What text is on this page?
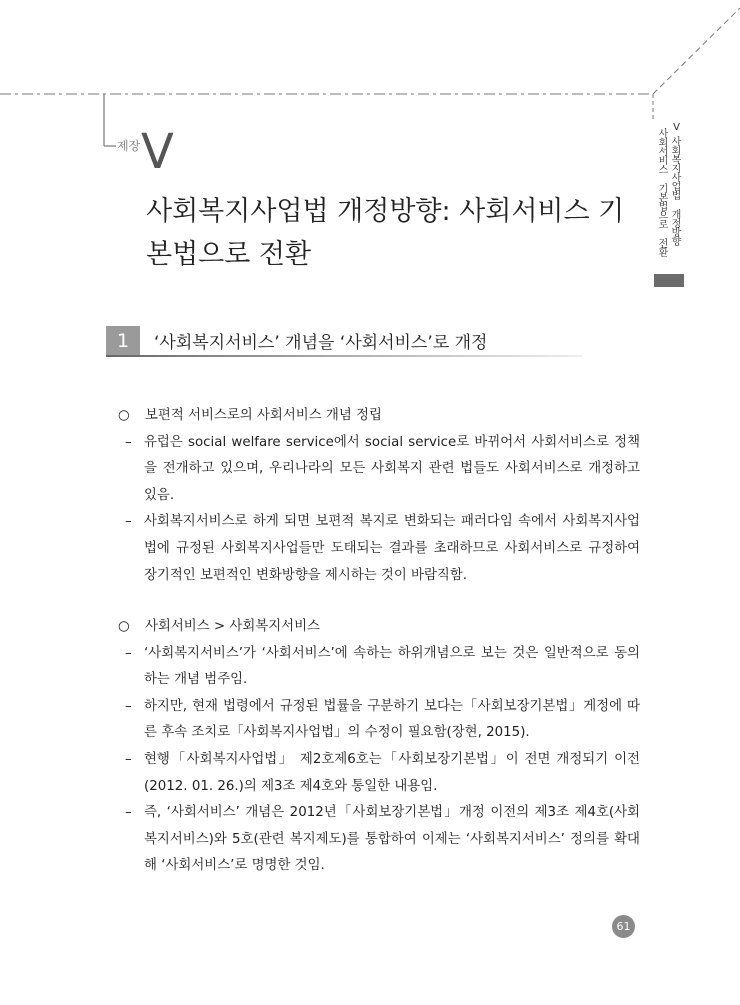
제장 V
사회복지사업법 개정방향: 사회서비스 기본법으로 전환
V
사회복지사업법 개정방향
사회서비스 기본법으로 전환
1	‘사회복지서비스’ 개념을 ‘사회서비스’로 개정
○	보편적 서비스로의 사회서비스 개념 정립
– 유럽은 social welfare service에서 social service로 바뀌어서 사회서비스로 정책을 전개하고 있으며, 우리나라의 모든 사회복지 관련 법들도 사회서비스로 개정하고 있음.
– 사회복지서비스로 하게 되면 보편적 복지로 변화되는 패러다임 속에서 사회복지사업법에 규정된 사회복지사업들만 도태되는 결과를 초래하므로 사회서비스로 규정하여 장기적인 보편적인 변화방향을 제시하는 것이 바람직함.
○	사회서비스 > 사회복지서비스
– ‘사회복지서비스’가 ‘사회서비스’에 속하는 하위개념으로 보는 것은 일반적으로 동의하는 개념 범주임.
– 하지만, 현재 법령에서 규정된 법률을 구분하기 보다는「사회보장기본법」게정에 따른 후속 조치로「사회복지사업법」의 수정이 필요함(장현, 2015).
– 현행「사회복지사업법」 제2호제6호는「사회보장기본법」이 전면 개정되기 이전(2012. 01. 26.)의 제3조 제4호와 통일한 내용임.
– 즉, ‘사회서비스’ 개념은 2012년「사회보장기본법」개정 이전의 제3조 제4호(사회복지서비스)와 5호(관련 복지제도)를 통합하여 이제는 ‘사회복지서비스’ 정의를 확대해 ‘사회서비스’로 명명한 것임.
61
